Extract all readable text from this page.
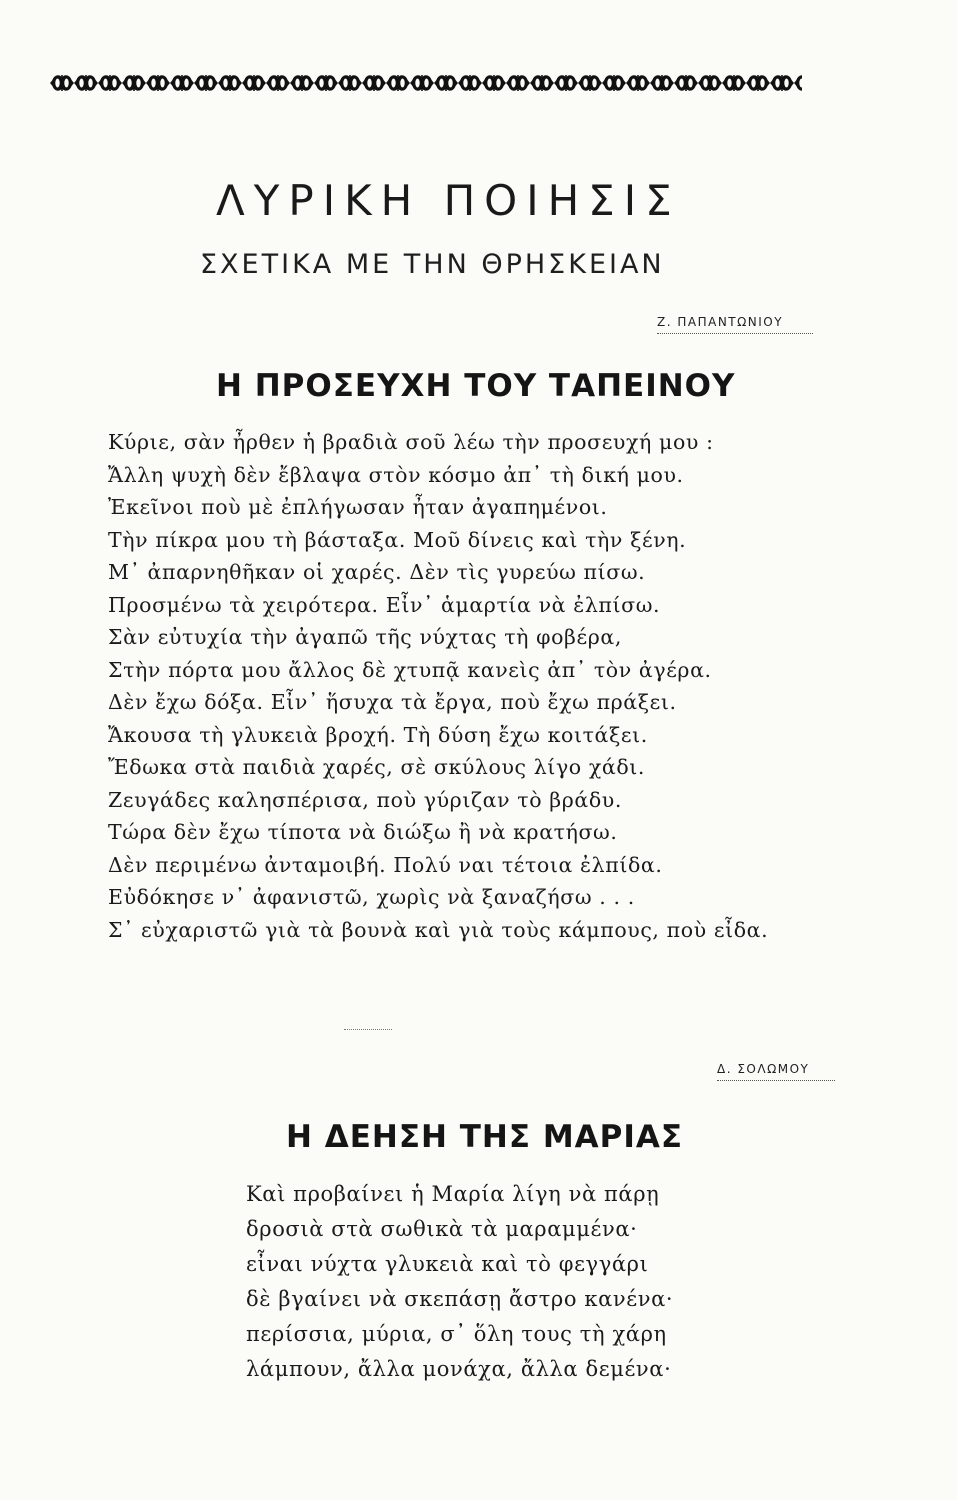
ΛΥΡΙΚΗ ΠΟΙΗΣΙΣ
ΣΧΕΤΙΚΑ ΜΕ ΤΗΝ ΘΡΗΣΚΕΙΑΝ
Ζ. ΠΑΠΑΝΤΩΝΙΟΥ
Η ΠΡΟΣΕΥΧΗ ΤΟΥ ΤΑΠΕΙΝΟΥ
Κύριε, σὰν ἦρθεν ἡ βραδιὰ σοῦ λέω τὴν προσευχή μου :
Ἄλλη ψυχὴ δὲν ἔβλαψα στὸν κόσμο ἀπ᾽ τὴ δική μου.
Ἐκεῖνοι ποὺ μὲ ἐπλήγωσαν ἦταν ἀγαπημένοι.
Τὴν πίκρα μου τὴ βάσταξα. Μοῦ δίνεις καὶ τὴν ξένη.
Μ᾽ ἀπαρνηθῆκαν οἱ χαρές. Δὲν τὶς γυρεύω πίσω.
Προσμένω τὰ χειρότερα. Εἶν᾽ ἁμαρτία νὰ ἐλπίσω.
Σὰν εὐτυχία τὴν ἀγαπῶ τῆς νύχτας τὴ φοβέρα,
Στὴν πόρτα μου ἄλλος δὲ χτυπᾷ κανεὶς ἀπ᾽ τὸν ἀγέρα.
Δὲν ἔχω δόξα. Εἶν᾽ ἥσυχα τὰ ἔργα, ποὺ ἔχω πράξει.
Ἄκουσα τὴ γλυκειὰ βροχή. Τὴ δύση ἔχω κοιτάξει.
Ἔδωκα στὰ παιδιὰ χαρές, σὲ σκύλους λίγο χάδι.
Ζευγάδες καλησπέρισα, ποὺ γύριζαν τὸ βράδυ.
Τώρα δὲν ἔχω τίποτα νὰ διώξω ἢ νὰ κρατήσω.
Δὲν περιμένω ἀνταμοιβή. Πολύ ναι τέτοια ἐλπίδα.
Εὐδόκησε ν᾽ ἀφανιστῶ, χωρὶς νὰ ξαναζήσω . . .
Σ᾽ εὐχαριστῶ γιὰ τὰ βουνὰ καὶ γιὰ τοὺς κάμπους, ποὺ εἶδα.
Δ. ΣΟΛΩΜΟΥ
Η ΔΕΗΣΗ ΤΗΣ ΜΑΡΙΑΣ
Καὶ προβαίνει ἡ Μαρία λίγη νὰ πάρῃ
δροσιὰ στὰ σωθικὰ τὰ μαραμμένα·
εἶναι νύχτα γλυκειὰ καὶ τὸ φεγγάρι
δὲ βγαίνει νὰ σκεπάσῃ ἄστρο κανένα·
περίσσια, μύρια, σ᾽ ὅλη τους τὴ χάρη
λάμπουν, ἄλλα μονάχα, ἄλλα δεμένα·
